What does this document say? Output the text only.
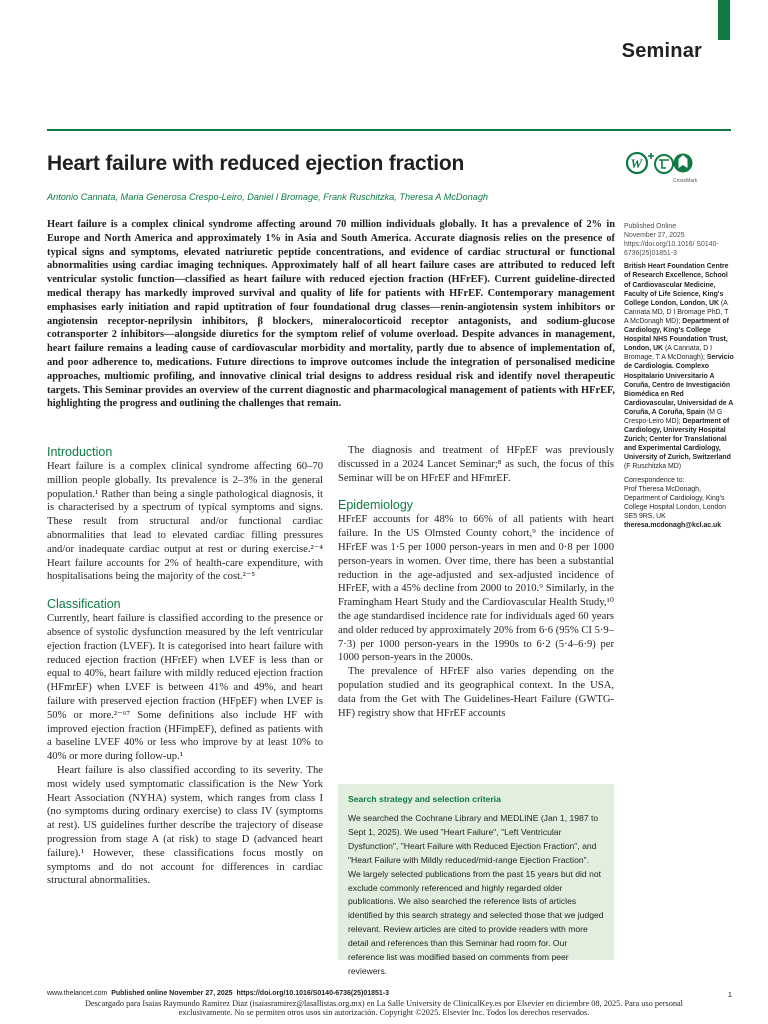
Seminar
Heart failure with reduced ejection fraction	W
CrossMark
Antonio Cannata, Maria Generosa Crespo-Leiro, Daniel I Bromage, Frank Ruschitzka, Theresa A McDonagh

Heart failure is a complex clinical syndrome affecting around 70 million individuals globally. It has a prevalence of 2% in Europe and North America and approximately 1% in Asia and South America. Accurate diagnosis relies on the presence of typical signs and symptoms, elevated natriuretic peptide concentrations, and evidence of cardiac structural or functional abnormalities using cardiac imaging techniques. Approximately half of all heart failure cases are attributed to reduced left ventricular systolic function—classified as heart failure with reduced ejection fraction (HFrEF). Current guideline-directed medical therapy has markedly improved survival and quality of life for patients with HFrEF. Contemporary management emphasises early initiation and rapid uptitration of four foundational drug classes—renin-angiotensin system inhibitors or angiotensin receptor-neprilysin inhibitors, β blockers, mineralocorticoid receptor antagonists, and sodium-glucose cotransporter 2 inhibitors—alongside diuretics for the symptom relief of volume overload. Despite advances in management, heart failure remains a leading cause of cardiovascular morbidity and mortality, partly due to absence of implementation of, and poor adherence to, medications. Future directions to improve outcomes include the integration of personalised medicine approaches, multiomic profiling, and innovative clinical trial designs to address residual risk and identify novel therapeutic targets. This Seminar provides an overview of the current diagnostic and pharmacological management of patients with HFrEF, highlighting the progress and outlining the challenges that remain.

Published Online
November 27, 2025
https://doi.org/10.1016/ S0140-6736(25)01851-3
British Heart Foundation Centre of Research Excellence, School of Cardiovascular Medicine, Faculty of Life Science, King's College London, London, UK (A Cannata MD, D I Bromage PhD, T A McDonagh MD); Department of Cardiology, King's College Hospital NHS Foundation Trust, London, UK (A Cannata, D I Bromage, T A McDonagh); Servicio de Cardiología. Complexo Hospitalario Universitario A Coruña, Centro de Investigación Biomédica en Red Cardiovascular, Universidad de A Coruña, A Coruña, Spain (M G Crespo-Leiro MD); Department of Cardiology, University Hospital Zurich; Center for Translational and Experimental Cardiology, University of Zurich, Switzerland (F Ruschitzka MD)
Correspondence to:
Prof Theresa McDonagh, Department of Cardiology, King's College Hospital London, London SE5 9RS, UK
theresa.mcdonagh@kcl.ac.uk
Introduction

Heart failure is a complex clinical syndrome affecting 60–70 million people globally. Its prevalence is 2–3% in the general population.¹ Rather than being a single pathological diagnosis, it is characterised by a spectrum of typical symptoms and signs. These result from structural and/or functional cardiac abnormalities that lead to elevated cardiac filling pressures and/or inadequate cardiac output at rest or during exercise.²⁻⁴ Heart failure accounts for 2% of health-care expenditure, with hospitalisations being the majority of the cost.²⁻⁵

Classification

Currently, heart failure is classified according to the presence or absence of systolic dysfunction measured by the left ventricular ejection fraction (LVEF). It is categorised into heart failure with reduced ejection fraction (HFrEF) when LVEF is less than or equal to 40%, heart failure with mildly reduced ejection fraction (HFmrEF) when LVEF is between 41% and 49%, and heart failure with preserved ejection fraction (HFpEF) when LVEF is 50% or more.²⁻⁶⁷ Some definitions also include HF with improved ejection fraction (HFimpEF), defined as patients with a baseline LVEF 40% or less who improve by at least 10% to 40% or more during follow-up.¹

Heart failure is also classified according to its severity. The most widely used symptomatic classification is the New York Heart Association (NYHA) system, which ranges from class I (no symptoms during ordinary exercise) to class IV (symptoms at rest). US guidelines further describe the trajectory of disease progression from stage A (at risk) to stage D (advanced heart failure).¹ However, these classifications focus mostly on symptoms and do not account for differences in cardiac structural abnormalities.

The diagnosis and treatment of HFpEF was previously discussed in a 2024 Lancet Seminar;⁸ as such, the focus of this Seminar will be on HFrEF and HFmrEF.

Epidemiology

HFrEF accounts for 48% to 66% of all patients with heart failure. In the US Olmsted County cohort,⁹ the incidence of HFrEF was 1·5 per 1000 person-years in men and 0·8 per 1000 person-years in women. Over time, there has been a substantial reduction in the age-adjusted and sex-adjusted incidence of HFrEF, with a 45% decline from 2000 to 2010.⁹ Similarly, in the Framingham Heart Study and the Cardiovascular Health Study,¹⁰ the age standardised incidence rate for individuals aged 60 years and older reduced by approximately 20% from 6·6 (95% CI 5·9–7·3) per 1000 person-years in the 1990s to 6·2 (5·4–6·9) per 1000 person-years in the 2000s.

The prevalence of HFrEF also varies depending on the population studied and its geographical context. In the USA, data from the Get with The Guidelines-Heart Failure (GWTG-HF) registry show that HFrEF accounts

Search strategy and selection criteria
We searched the Cochrane Library and MEDLINE (Jan 1, 1987 to Sept 1, 2025). We used "Heart Failure", "Left Ventricular Dysfunction", "Heart Failure with Reduced Ejection Fraction", and "Heart Failure with Mildly reduced/mid-range Ejection Fraction". We largely selected publications from the past 15 years but did not exclude commonly referenced and highly regarded older publications. We also searched the reference lists of articles identified by this search strategy and selected those that we judged relevant. Review articles are cited to provide readers with more detail and references than this Seminar had room for. Our reference list was modified based on comments from peer reviewers.
www.thelancet.com Published online November 27, 2025 https://doi.org/10.1016/S0140-6736(25)01851-3	1
Descargado para Isaias Raymundo Ramirez Diaz (isaiasramirez@lasallistas.org.mx) en La Salle University de ClinicalKey.es por Elsevier en diciembre 08, 2025. Para uso personal exclusivamente. No se permiten otros usos sin autorización. Copyright ©2025. Elsevier Inc. Todos los derechos reservados.
